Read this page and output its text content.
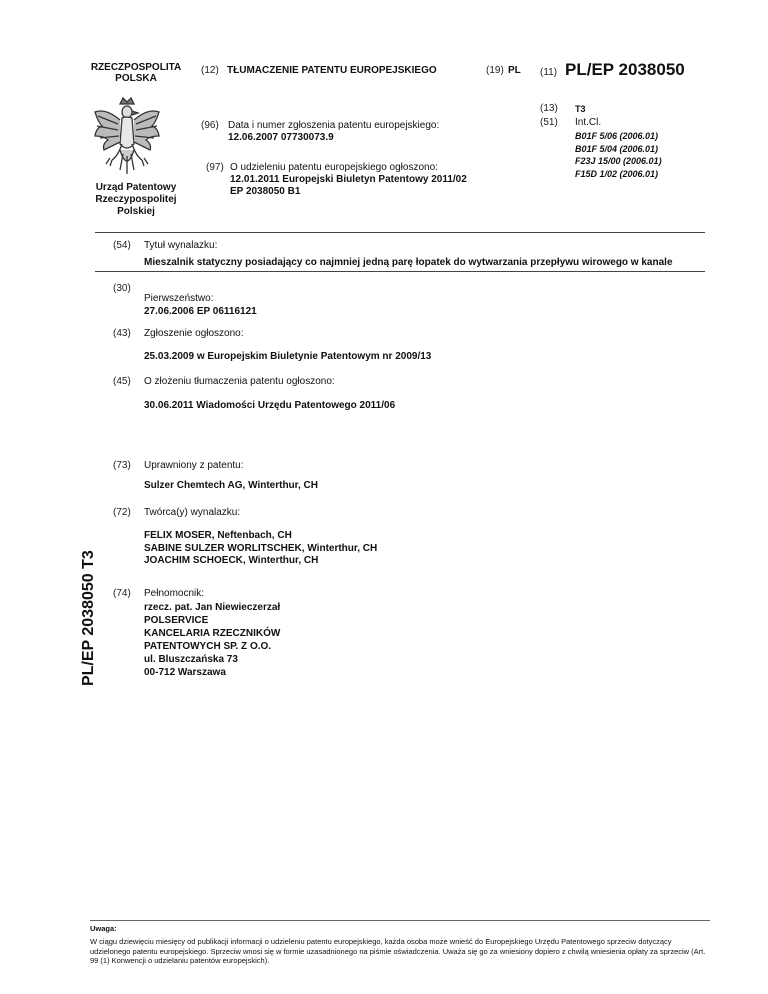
RZECZPOSPOLITA
POLSKA
Urząd Patentowy
Rzeczypospolitej
Polskiej
(12) TŁUMACZENIE PATENTU EUROPEJSKIEGO	(19) PL (11) PL/EP 2038050
(13) T3
(51) Int.Cl.
B01F 5/06 (2006.01)
B01F 5/04 (2006.01)
F23J 15/00 (2006.01)
F15D 1/02 (2006.01)
(96) Data i numer zgłoszenia patentu europejskiego:
12.06.2007 07730073.9
(97) O udzieleniu patentu europejskiego ogłoszono:
12.01.2011 Europejski Biuletyn Patentowy 2011/02
EP 2038050 B1
(54) Tytuł wynalazku:
Mieszalnik statyczny posiadający co najmniej jedną parę łopatek do wytwarzania przepływu wirowego w kanale
(30)
Pierwszeństwo:
27.06.2006 EP 06116121
(43) Zgłoszenie ogłoszono:
25.03.2009 w Europejskim Biuletynie Patentowym nr 2009/13
(45) O złożeniu tłumaczenia patentu ogłoszono:
30.06.2011 Wiadomości Urzędu Patentowego 2011/06
(73) Uprawniony z patentu:
Sulzer Chemtech AG, Winterthur, CH
(72) Twórca(y) wynalazku:
FELIX MOSER, Neftenbach, CH
SABINE SULZER WORLITSCHEK, Winterthur, CH
JOACHIM SCHOECK, Winterthur, CH
(74) Pełnomocnik:
rzecz. pat. Jan Niewieczerzał
POLSERVICE
KANCELARIA RZECZNIKÓW
PATENTOWYCH SP. Z O.O.
ul. Bluszczańska 73
00-712 Warszawa
PL/EP 2038050 T3
Uwaga:
W ciągu dziewięciu miesięcy od publikacji informacji o udzieleniu patentu europejskiego, każda osoba może wnieść do Europejskiego Urzędu Patentowego sprzeciw dotyczący udzielonego patentu europejskiego. Sprzeciw wnosi się w formie uzasadnionego na piśmie oświadczenia. Uważa się go za wniesiony dopiero z chwilą wniesienia opłaty za sprzeciw (Art. 99 (1) Konwencji o udzielaniu patentów europejskich).
